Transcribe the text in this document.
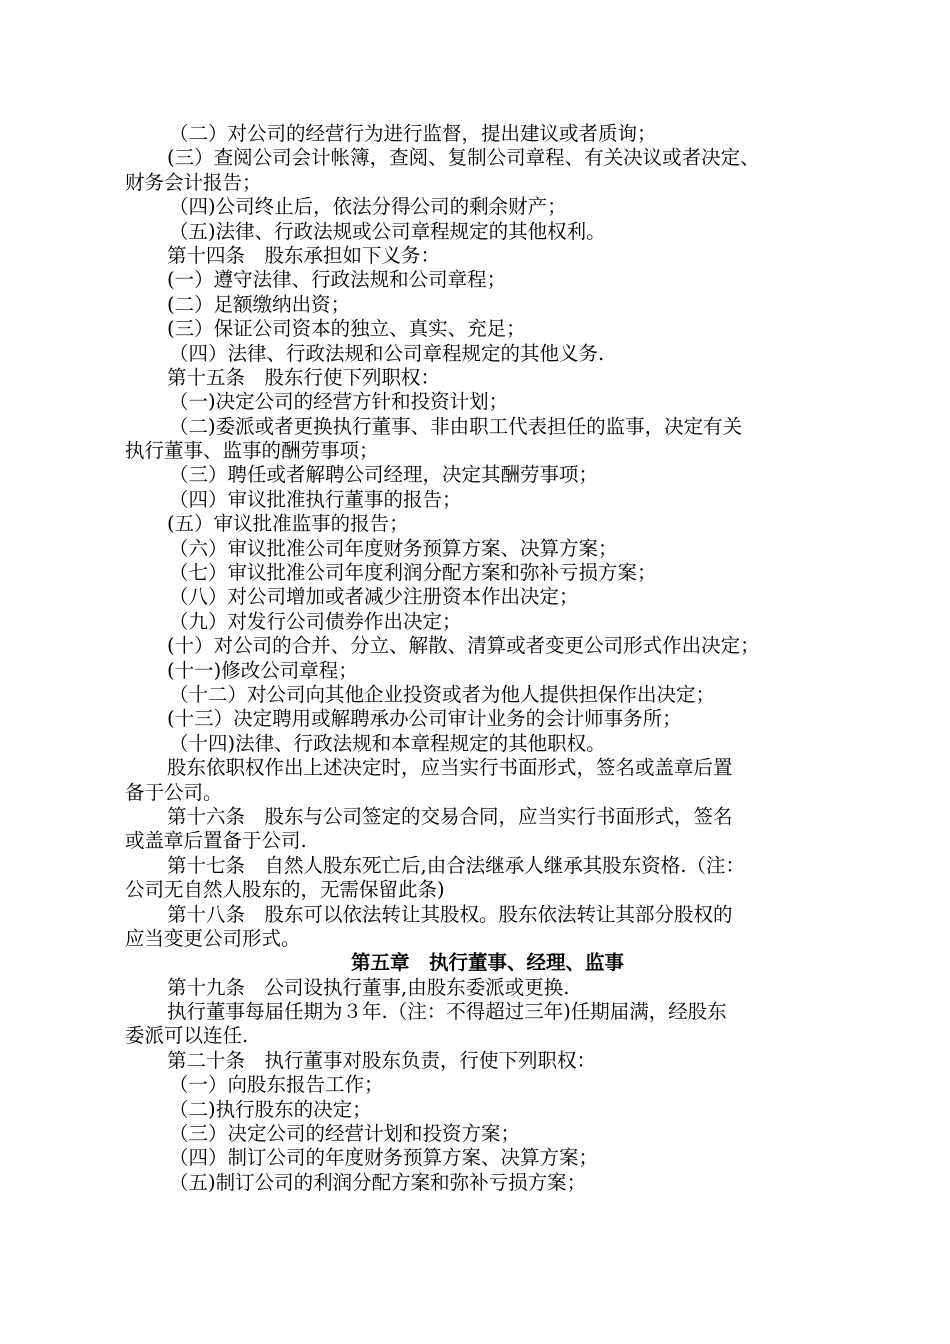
（二）对公司的经营行为进行监督，提出建议或者质询；
(三）查阅公司会计帐簿，查阅、复制公司章程、有关决议或者决定、
财务会计报告；
（四)公司终止后，依法分得公司的剩余财产；
（五)法律、行政法规或公司章程规定的其他权利。
第十四条　股东承担如下义务：
(一）遵守法律、行政法规和公司章程；
(二）足额缴纳出资；
(三）保证公司资本的独立、真实、充足；
（四）法律、行政法规和公司章程规定的其他义务.
第十五条　股东行使下列职权：
（一)决定公司的经营方针和投资计划；
（二)委派或者更换执行董事、非由职工代表担任的监事，决定有关
执行董事、监事的酬劳事项；
（三）聘任或者解聘公司经理，决定其酬劳事项；
（四）审议批准执行董事的报告；
(五）审议批准监事的报告；
（六）审议批准公司年度财务预算方案、决算方案；
（七）审议批准公司年度利润分配方案和弥补亏损方案；
（八）对公司增加或者减少注册资本作出决定；
（九）对发行公司债券作出决定；
(十）对公司的合并、分立、解散、清算或者变更公司形式作出决定；
(十一)修改公司章程；
（十二）对公司向其他企业投资或者为他人提供担保作出决定；
(十三）决定聘用或解聘承办公司审计业务的会计师事务所；
（十四)法律、行政法规和本章程规定的其他职权。
股东依职权作出上述决定时，应当实行书面形式，签名或盖章后置
备于公司。
第十六条　股东与公司签定的交易合同，应当实行书面形式，签名
或盖章后置备于公司.
第十七条　自然人股东死亡后,由合法继承人继承其股东资格.（注：
公司无自然人股东的，无需保留此条)
第十八条　股东可以依法转让其股权。股东依法转让其部分股权的
应当变更公司形式。
第五章　执行董事、经理、监事
第十九条　公司设执行董事,由股东委派或更换.
执行董事每届任期为３年.（注：不得超过三年)任期届满，经股东
委派可以连任.
第二十条　执行董事对股东负责，行使下列职权：
（一）向股东报告工作；
（二)执行股东的决定；
（三）决定公司的经营计划和投资方案；
（四）制订公司的年度财务预算方案、决算方案；
（五)制订公司的利润分配方案和弥补亏损方案；
